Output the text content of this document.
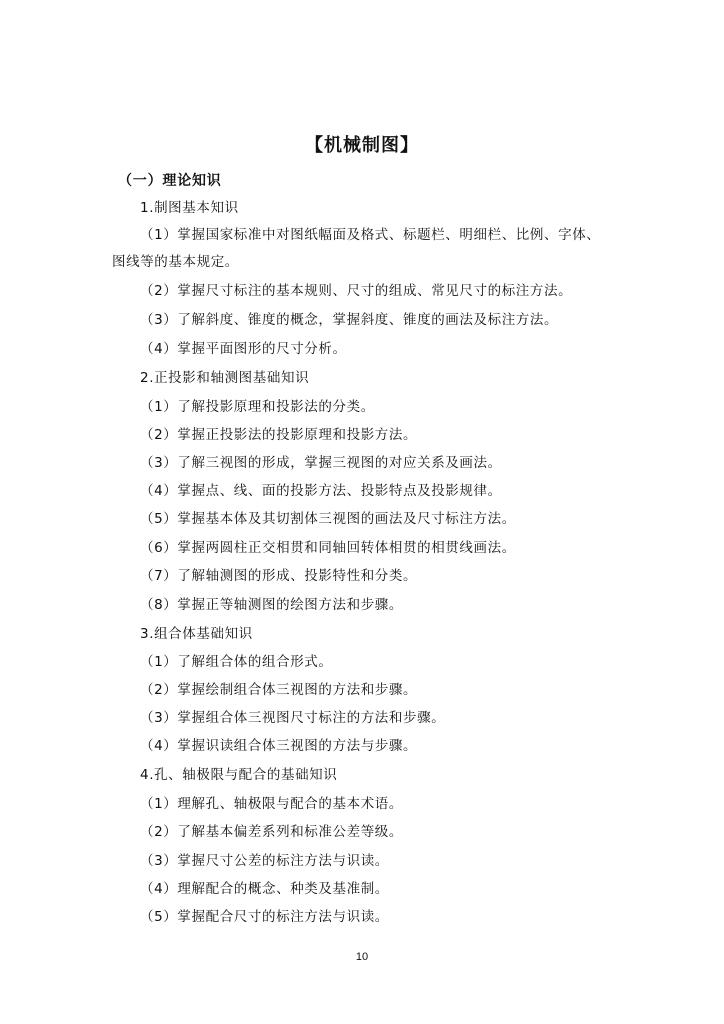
【机械制图】
（一）理论知识
1.制图基本知识
（1）掌握国家标准中对图纸幅面及格式、标题栏、明细栏、比例、字体、
图线等的基本规定。
（2）掌握尺寸标注的基本规则、尺寸的组成、常见尺寸的标注方法。
（3）了解斜度、锥度的概念，掌握斜度、锥度的画法及标注方法。
（4）掌握平面图形的尺寸分析。
2.正投影和轴测图基础知识
（1）了解投影原理和投影法的分类。
（2）掌握正投影法的投影原理和投影方法。
（3）了解三视图的形成，掌握三视图的对应关系及画法。
（4）掌握点、线、面的投影方法、投影特点及投影规律。
（5）掌握基本体及其切割体三视图的画法及尺寸标注方法。
（6）掌握两圆柱正交相贯和同轴回转体相贯的相贯线画法。
（7）了解轴测图的形成、投影特性和分类。
（8）掌握正等轴测图的绘图方法和步骤。
3.组合体基础知识
（1）了解组合体的组合形式。
（2）掌握绘制组合体三视图的方法和步骤。
（3）掌握组合体三视图尺寸标注的方法和步骤。
（4）掌握识读组合体三视图的方法与步骤。
4.孔、轴极限与配合的基础知识
（1）理解孔、轴极限与配合的基本术语。
（2）了解基本偏差系列和标准公差等级。
（3）掌握尺寸公差的标注方法与识读。
（4）理解配合的概念、种类及基准制。
（5）掌握配合尺寸的标注方法与识读。
10
